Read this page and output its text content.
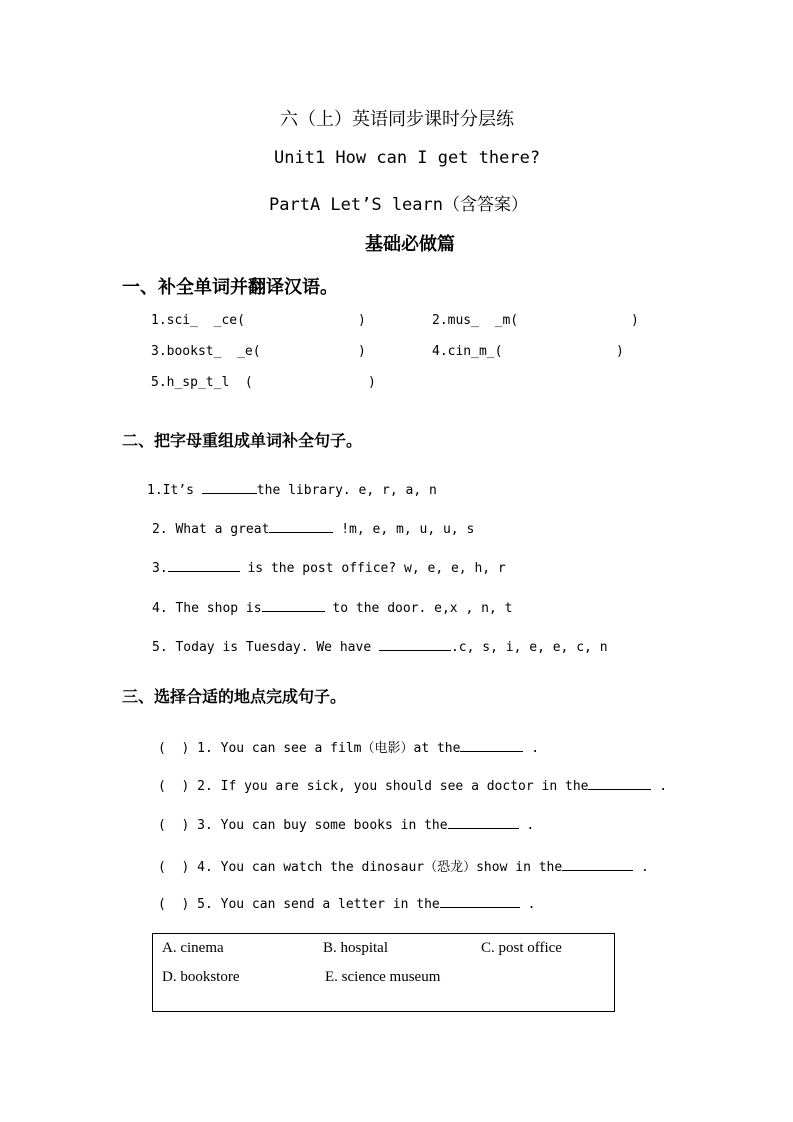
六（上）英语同步课时分层练
Unit1 How can I get there?
PartA Let’S learn（含答案）
基础必做篇
一、补全单词并翻译汉语。
1.sci_  _ce(	)	2.mus_  _m(	)
3.bookst_  _e(	)	4.cin_m_(	)
5.h_sp_t_l  (	)
二、把字母重组成单词补全句子。
1.It’s	the library. e, r, a, n
2. What a great	!m, e, m, u, u, s
3.	is the post office? w, e, e, h, r
4. The shop is	to the door. e,x , n, t
5. Today is Tuesday. We have	.c, s, i, e, e, c, n
三、选择合适的地点完成句子。
(  ) 1. You can see a film（电影）at the	.
(  ) 2. If you are sick, you should see a doctor in the	.
(  ) 3. You can buy some books in the	.
(  ) 4. You can watch the dinosaur（恐龙）show in the	.
(  ) 5. You can send a letter in the	.
A. cinema	B. hospital	C. post office
D. bookstore	E. science museum
